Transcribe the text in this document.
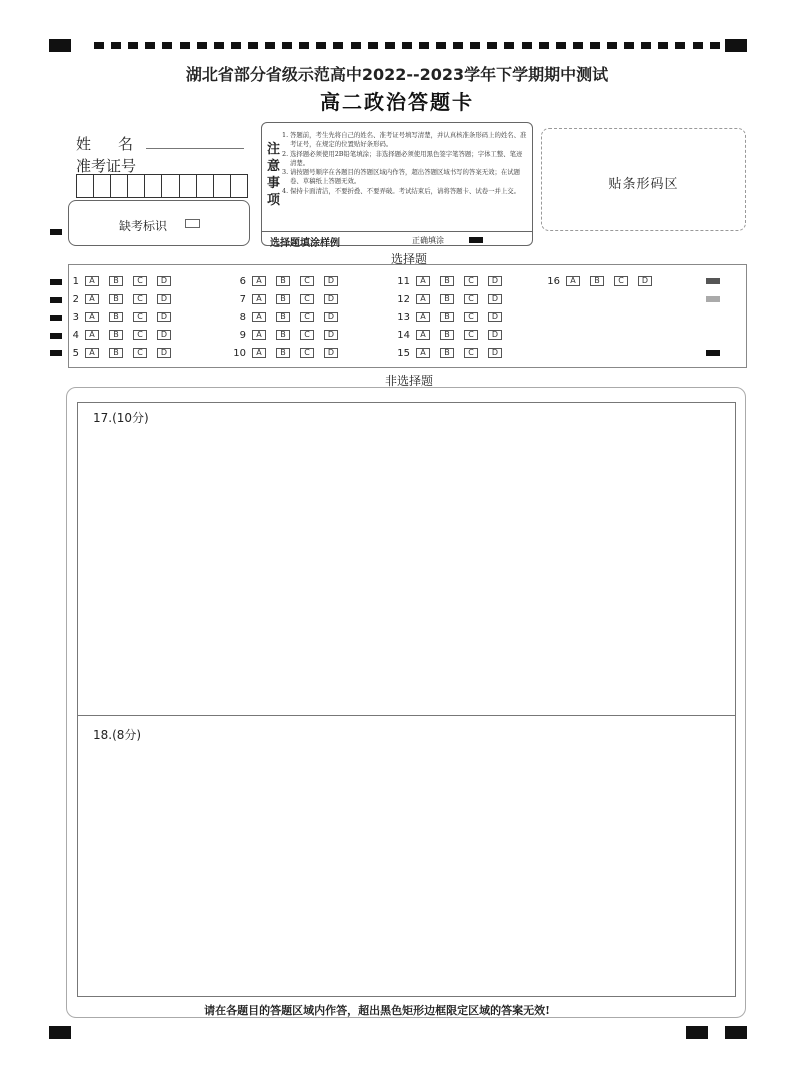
湖北省部分省级示范高中2022--2023学年下学期期中测试
高二政治答题卡
姓　名
准考证号
缺考标识
注
意
事
项
1. 答题前，考生先将自己的姓名、准考证号填写清楚，并认真核准条形码上的姓名、准考证号，在规定的位置贴好条形码。
2. 选择题必须使用2B铅笔填涂；非选择题必须使用黑色签字笔答题；字体工整、笔迹清楚。
3. 请按题号顺序在各题目的答题区域内作答，超出答题区域书写的答案无效；在试题卷、草稿纸上答题无效。
4. 保持卡面清洁，不要折叠、不要弄破。考试结束后，请将答题卡、试卷一并上交。
选择题填涂样例	正确填涂
贴条形码区
选择题
1	A	B	C	D
2	A	B	C	D
3	A	B	C	D
4	A	B	C	D
5	A	B	C	D
6	A	B	C	D
7	A	B	C	D
8	A	B	C	D
9	A	B	C	D
10	A	B	C	D
11	A	B	C	D
12	A	B	C	D
13	A	B	C	D
14	A	B	C	D
15	A	B	C	D
16	A	B	C	D
非选择题
17.(10分)
18.(8分)
请在各题目的答题区域内作答，超出黑色矩形边框限定区域的答案无效!
